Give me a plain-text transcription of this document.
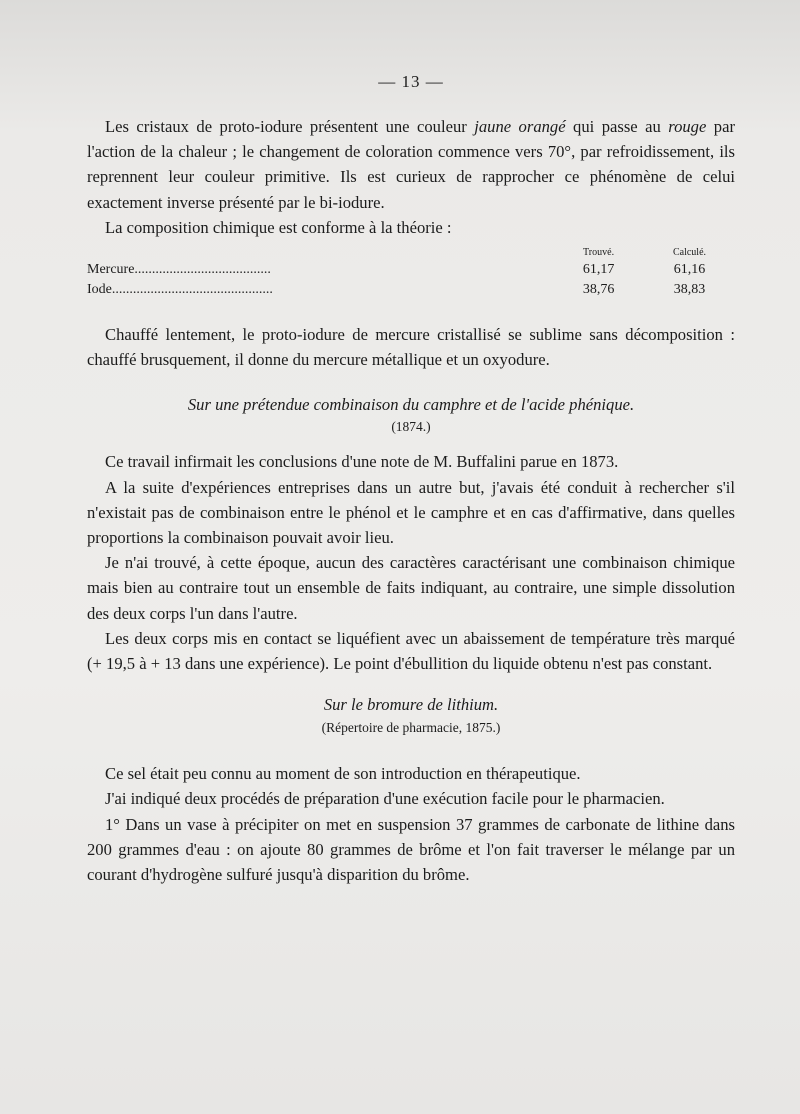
— 13 —

Les cristaux de proto-iodure présentent une couleur jaune orangé qui passe au rouge par l'action de la chaleur ; le changement de coloration commence vers 70°, par refroidissement, ils reprennent leur couleur primitive. Ils est curieux de rapprocher ce phénomène de celui exactement inverse présenté par le bi-iodure.

La composition chimique est conforme à la théorie :

	Trouvé.	Calculé.
Mercure.......................................	61,17	61,16
Iode..............................................	38,76	38,83

Chauffé lentement, le proto-iodure de mercure cristallisé se sublime sans décomposition : chauffé brusquement, il donne du mercure métallique et un oxyodure.

Sur une prétendue combinaison du camphre et de l'acide phénique.
(1874.)

Ce travail infirmait les conclusions d'une note de M. Buffalini parue en 1873.

A la suite d'expériences entreprises dans un autre but, j'avais été conduit à rechercher s'il n'existait pas de combinaison entre le phénol et le camphre et en cas d'affirmative, dans quelles proportions la combinaison pouvait avoir lieu.

Je n'ai trouvé, à cette époque, aucun des caractères caractérisant une combinaison chimique mais bien au contraire tout un ensemble de faits indiquant, au contraire, une simple dissolution des deux corps l'un dans l'autre.

Les deux corps mis en contact se liquéfient avec un abaissement de température très marqué (+ 19,5 à + 13 dans une expérience). Le point d'ébullition du liquide obtenu n'est pas constant.

Sur le bromure de lithium.
(Répertoire de pharmacie, 1875.)

Ce sel était peu connu au moment de son introduction en thérapeutique.

J'ai indiqué deux procédés de préparation d'une exécution facile pour le pharmacien.

1° Dans un vase à précipiter on met en suspension 37 grammes de carbonate de lithine dans 200 grammes d'eau : on ajoute 80 grammes de brôme et l'on fait traverser le mélange par un courant d'hydrogène sulfuré jusqu'à disparition du brôme.
